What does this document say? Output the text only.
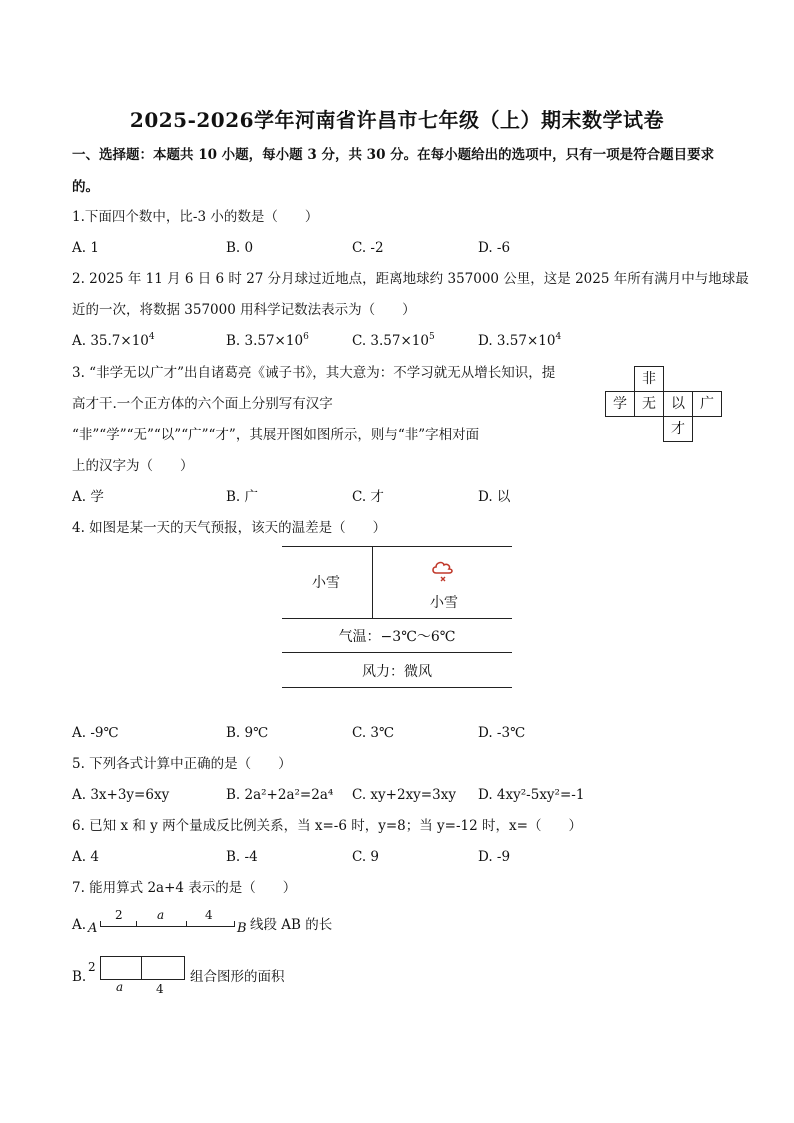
2025-2026学年河南省许昌市七年级（上）期末数学试卷
一、选择题：本题共 10 小题，每小题 3 分，共 30 分。在每小题给出的选项中，只有一项是符合题目要求
的。
1.下面四个数中，比-3 小的数是（　　）
A. 1	B. 0	C. -2	D. -6
2. 2025 年 11 月 6 日 6 时 27 分月球过近地点，距离地球约 357000 公里，这是 2025 年所有满月中与地球最
近的一次，将数据 357000 用科学记数法表示为（　　）
A. $35.7\times 10^4$	B. $3.57\times 10^6$	C. $3.57\times 10^5$	D. $3.57\times 10^4$
3. “非学无以广才”出自诸葛亮《诫子书》，其大意为：不学习就无从增长知识，提
高才干.一个正方体的六个面上分别写有汉字
“非”“学”“无”“以”“广”“才”，其展开图如图所示，则与“非”字相对面
上的汉字为（　　）
非
学	无	以	广
才
A. 学	B. 广	C. 才	D. 以
4. 如图是某一天的天气预报，该天的温差是（　　）
小雪
小雪
气温：−3℃～6℃
风力：微风
A. -9℃	B. 9℃	C. 3℃	D. -3℃
5. 下列各式计算中正确的是（　　）
A. 3x+3y=6xy	B. 2a²+2a²=2a⁴ C. xy+2xy=3xy D. 4xy²-5xy²=-1
6. 已知 x 和 y 两个量成反比例关系，当 x=-6 时，y=8；当 y=-12 时，x=（　　）
A. 4	B. -4	C. 9	D. -9
7. 能用算式 2a+4 表示的是（　　）
A. A
2	a	4
B 线段 AB 的长
B.
2
a	4
组合图形的面积
